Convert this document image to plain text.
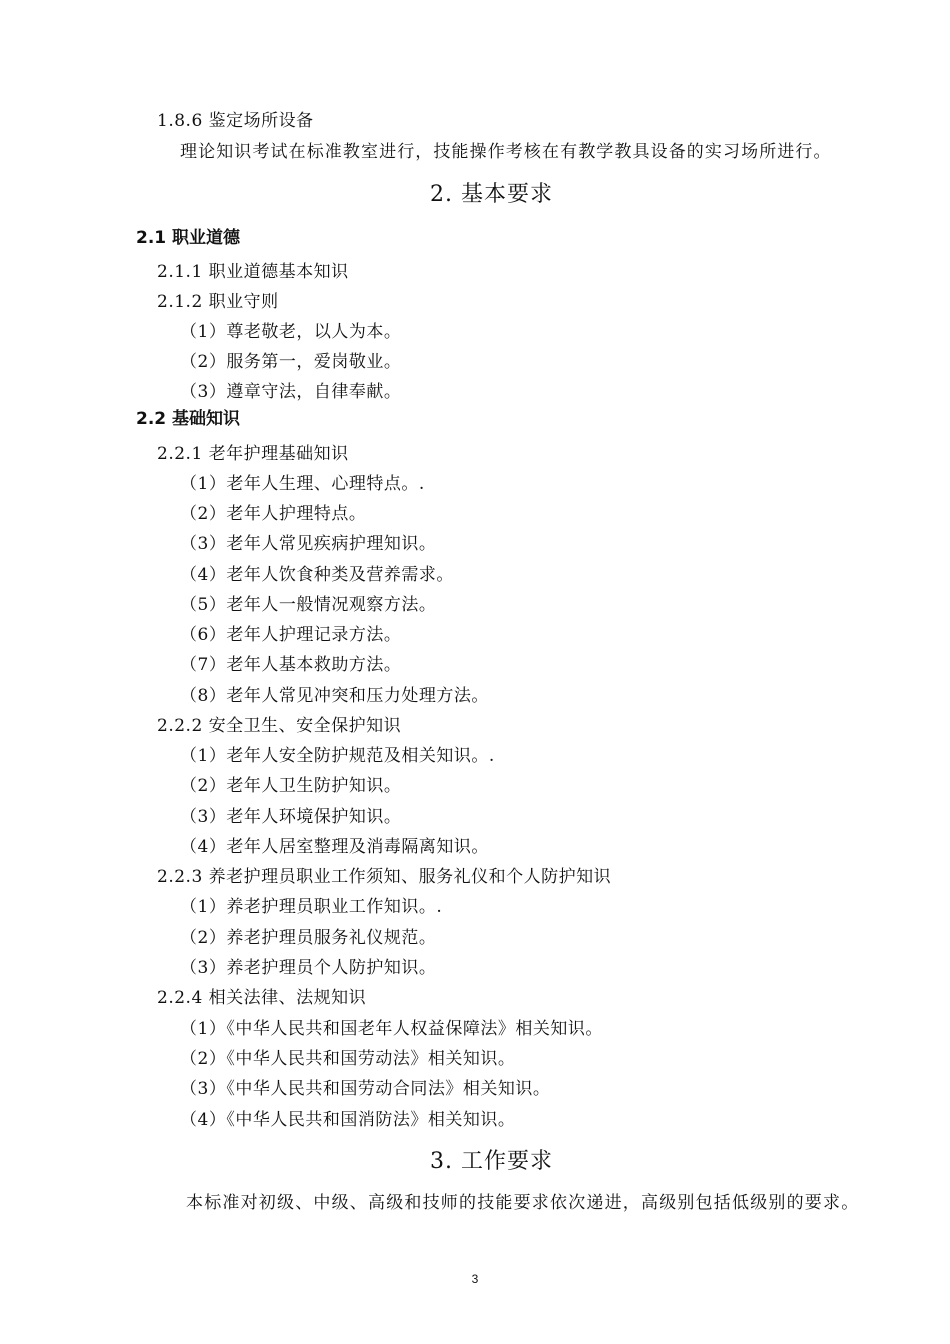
1.8.6 鉴定场所设备
理论知识考试在标准教室进行，技能操作考核在有教学教具设备的实习场所进行。
2. 基本要求
2.1 职业道德
2.1.1 职业道德基本知识
2.1.2 职业守则
（1）尊老敬老，以人为本。
（2）服务第一，爱岗敬业。
（3）遵章守法，自律奉献。
2.2 基础知识
2.2.1 老年护理基础知识
（1）老年人生理、心理特点。.
（2）老年人护理特点。
（3）老年人常见疾病护理知识。
（4）老年人饮食种类及营养需求。
（5）老年人一般情况观察方法。
（6）老年人护理记录方法。
（7）老年人基本救助方法。
（8）老年人常见冲突和压力处理方法。
2.2.2 安全卫生、安全保护知识
（1）老年人安全防护规范及相关知识。.
（2）老年人卫生防护知识。
（3）老年人环境保护知识。
（4）老年人居室整理及消毒隔离知识。
2.2.3 养老护理员职业工作须知、服务礼仪和个人防护知识
（1）养老护理员职业工作知识。.
（2）养老护理员服务礼仪规范。
（3）养老护理员个人防护知识。
2.2.4 相关法律、法规知识
（1）《中华人民共和国老年人权益保障法》相关知识。
（2）《中华人民共和国劳动法》相关知识。
（3）《中华人民共和国劳动合同法》相关知识。
（4）《中华人民共和国消防法》相关知识。
3. 工作要求
本标准对初级、中级、高级和技师的技能要求依次递进，高级别包括低级别的要求。
3
